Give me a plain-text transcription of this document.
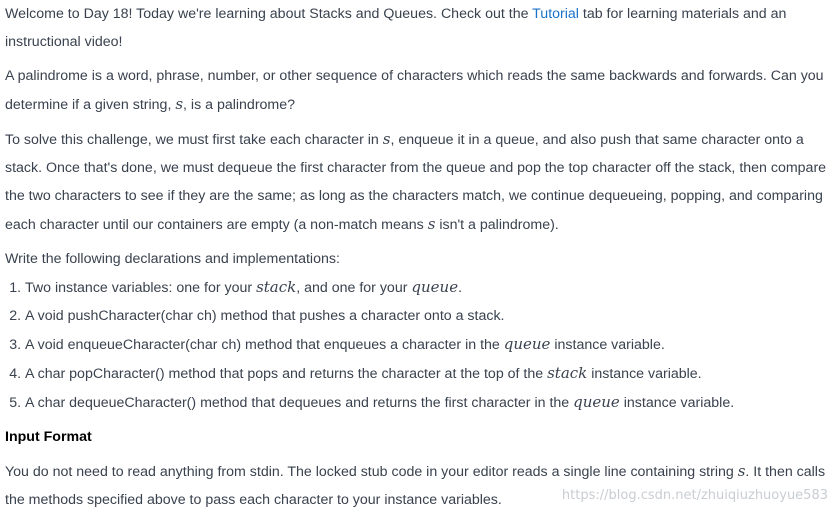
Welcome to Day 18! Today we're learning about Stacks and Queues. Check out the Tutorial tab for learning materials and an instructional video!

A palindrome is a word, phrase, number, or other sequence of characters which reads the same backwards and forwards. Can you determine if a given string, s, is a palindrome?

To solve this challenge, we must first take each character in s, enqueue it in a queue, and also push that same character onto a stack. Once that's done, we must dequeue the first character from the queue and pop the top character off the stack, then compare the two characters to see if they are the same; as long as the characters match, we continue dequeueing, popping, and comparing each character until our containers are empty (a non-match means s isn't a palindrome).

Write the following declarations and implementations:

1. Two instance variables: one for your stack, and one for your queue.
2. A void pushCharacter(char ch) method that pushes a character onto a stack.
3. A void enqueueCharacter(char ch) method that enqueues a character in the queue instance variable.
4. A char popCharacter() method that pops and returns the character at the top of the stack instance variable.
5. A char dequeueCharacter() method that dequeues and returns the first character in the queue instance variable.
Input Format

You do not need to read anything from stdin. The locked stub code in your editor reads a single line containing string s. It then calls the methods specified above to pass each character to your instance variables.	https://blog.csdn.net/zhuiqiuzhuoyue583
